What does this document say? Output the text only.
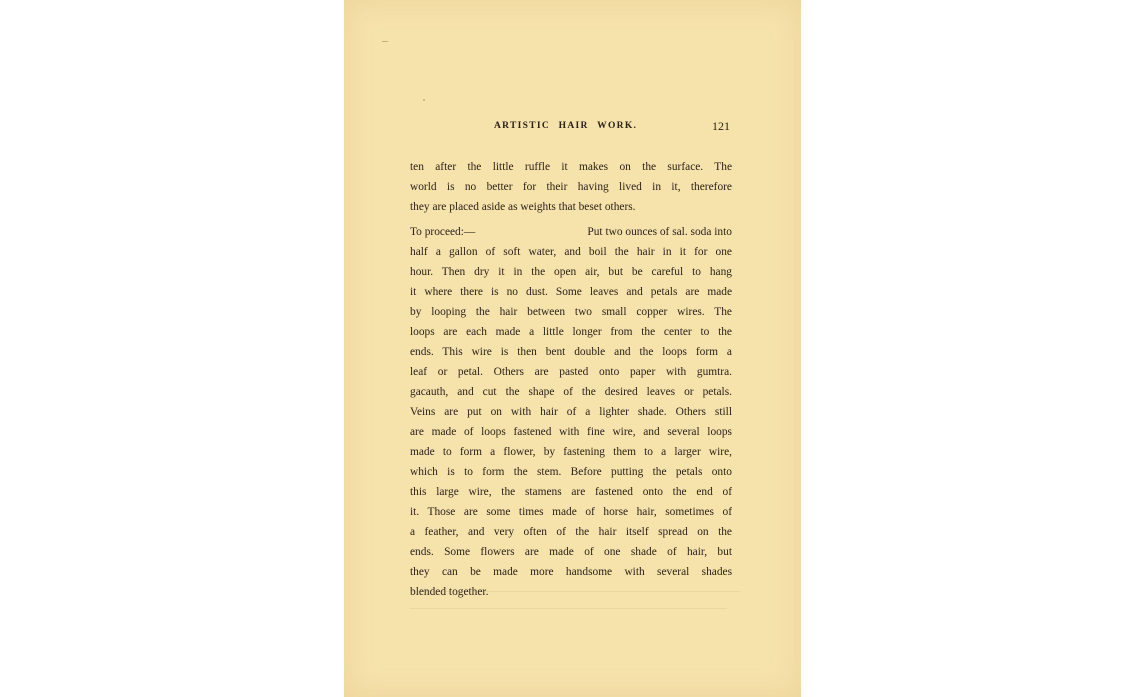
ARTISTIC HAIR WORK.	121
ten after the little ruffle it makes on the surface. The
world is no better for their having lived in it, therefore
they are placed aside as weights that beset others.
To proceed:—	Put two ounces of sal. soda into
half a gallon of soft water, and boil the hair in it for one
hour. Then dry it in the open air, but be careful to hang
it where there is no dust. Some leaves and petals are made
by looping the hair between two small copper wires. The
loops are each made a little longer from the center to the
ends. This wire is then bent double and the loops form a
leaf or petal. Others are pasted onto paper with gumtra.
gacauth, and cut the shape of the desired leaves or petals.
Veins are put on with hair of a lighter shade. Others still
are made of loops fastened with fine wire, and several loops
made to form a flower, by fastening them to a larger wire,
which is to form the stem. Before putting the petals onto
this large wire, the stamens are fastened onto the end of
it. Those are some times made of horse hair, sometimes of
a feather, and very often of the hair itself spread on the
ends. Some flowers are made of one shade of hair, but
they can be made more handsome with several shades
blended together.
